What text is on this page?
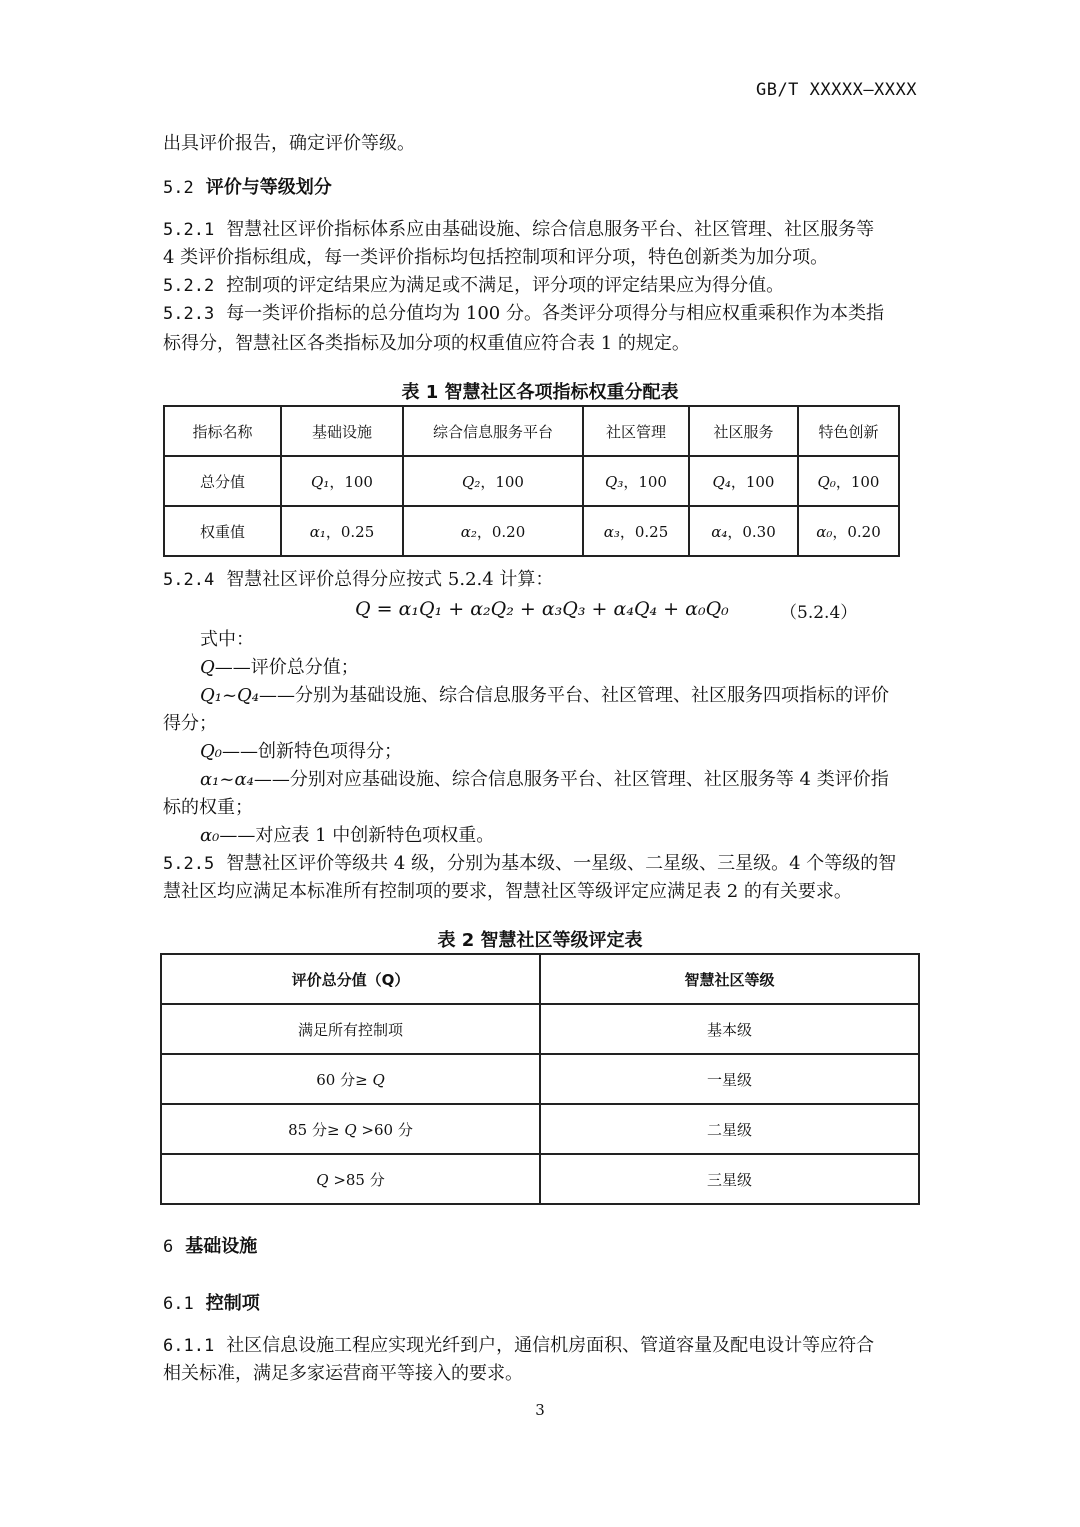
GB/T XXXXX—XXXX
出具评价报告，确定评价等级。
5.2 评价与等级划分
5.2.1 智慧社区评价指标体系应由基础设施、综合信息服务平台、社区管理、社区服务等
4 类评价指标组成，每一类评价指标均包括控制项和评分项，特色创新类为加分项。
5.2.2 控制项的评定结果应为满足或不满足，评分项的评定结果应为得分值。
5.2.3 每一类评价指标的总分值均为 100 分。各类评分项得分与相应权重乘积作为本类指
标得分，智慧社区各类指标及加分项的权重值应符合表 1 的规定。
表 1 智慧社区各项指标权重分配表
指标名称	基础设施	综合信息服务平台	社区管理	社区服务	特色创新
总分值	Q₁，100	Q₂，100	Q₃，100	Q₄，100	Q₀，100
权重值	α₁，0.25	α₂，0.20	α₃，0.25	α₄，0.30	α₀，0.20
5.2.4 智慧社区评价总得分应按式 5.2.4 计算：
Q = α₁Q₁ + α₂Q₂ + α₃Q₃ + α₄Q₄ + α₀Q₀	（5.2.4）
式中：
Q——评价总分值；
Q₁~Q₄——分别为基础设施、综合信息服务平台、社区管理、社区服务四项指标的评价
得分；
Q₀——创新特色项得分；
α₁~α₄——分别对应基础设施、综合信息服务平台、社区管理、社区服务等 4 类评价指
标的权重；
α₀——对应表 1 中创新特色项权重。
5.2.5 智慧社区评价等级共 4 级，分别为基本级、一星级、二星级、三星级。4 个等级的智
慧社区均应满足本标准所有控制项的要求，智慧社区等级评定应满足表 2 的有关要求。
表 2 智慧社区等级评定表
评价总分值（Q）	智慧社区等级
满足所有控制项	基本级
60 分≥ Q	一星级
85 分≥ Q >60 分	二星级
Q >85 分	三星级
6 基础设施
6.1 控制项
6.1.1 社区信息设施工程应实现光纤到户，通信机房面积、管道容量及配电设计等应符合
相关标准，满足多家运营商平等接入的要求。
3
